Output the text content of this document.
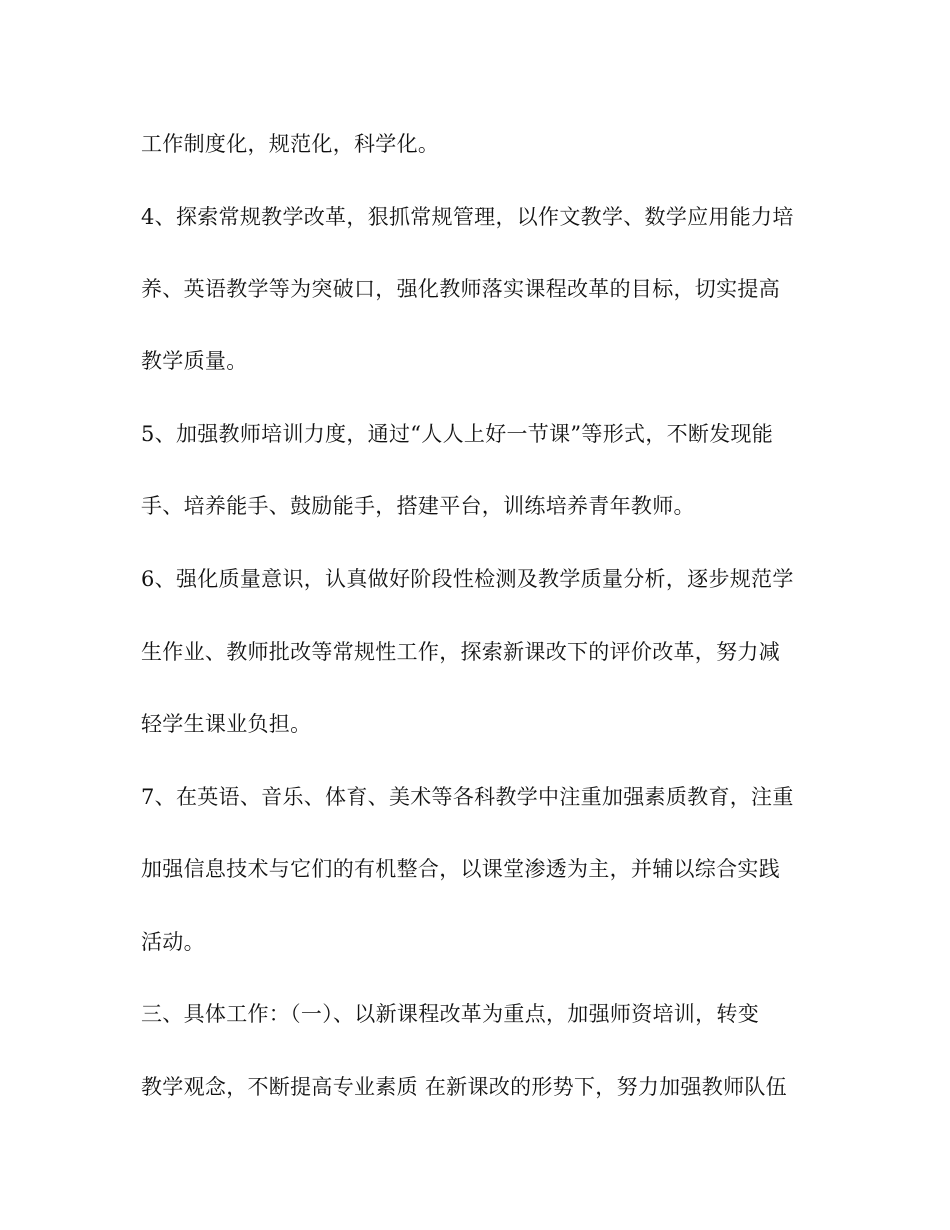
工作制度化，规范化，科学化。

4、探索常规教学改革，狠抓常规管理，以作文教学、数学应用能力培

养、英语教学等为突破口，强化教师落实课程改革的目标，切实提高

教学质量。

5、加强教师培训力度，通过“人人上好一节课”等形式，不断发现能

手、培养能手、鼓励能手，搭建平台，训练培养青年教师。

6、强化质量意识，认真做好阶段性检测及教学质量分析，逐步规范学

生作业、教师批改等常规性工作，探索新课改下的评价改革，努力减

轻学生课业负担。

7、在英语、音乐、体育、美术等各科教学中注重加强素质教育，注重

加强信息技术与它们的有机整合，以课堂渗透为主，并辅以综合实践

活动。

三、具体工作：（一）、以新课程改革为重点，加强师资培训，转变

教学观念，不断提高专业素质 在新课改的形势下，努力加强教师队伍
